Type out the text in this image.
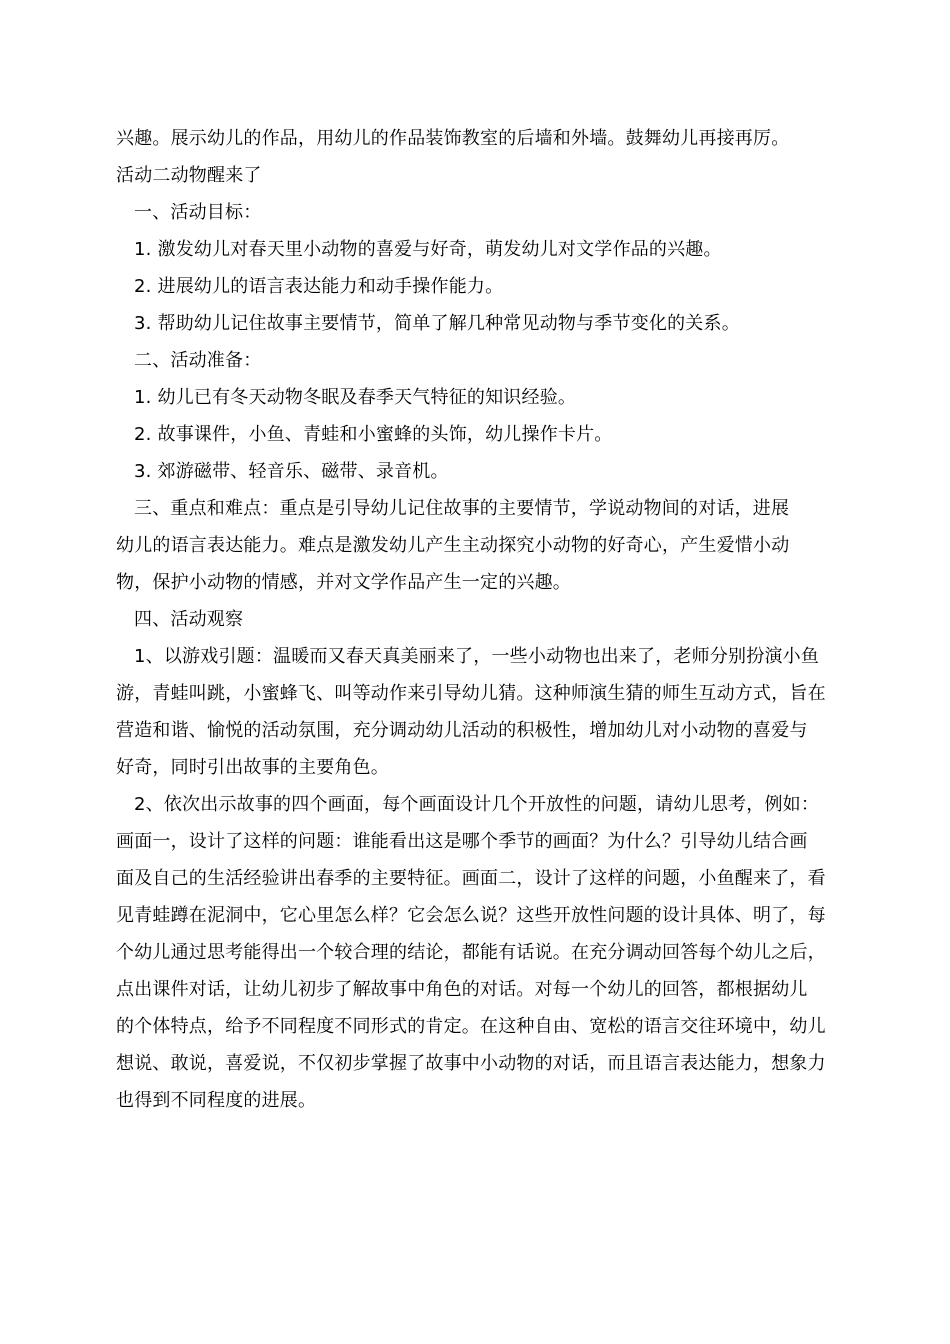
兴趣。展示幼儿的作品，用幼儿的作品装饰教室的后墙和外墙。鼓舞幼儿再接再厉。
活动二动物醒来了
一、活动目标：
1. 激发幼儿对春天里小动物的喜爱与好奇，萌发幼儿对文学作品的兴趣。
2. 进展幼儿的语言表达能力和动手操作能力。
3. 帮助幼儿记住故事主要情节，简单了解几种常见动物与季节变化的关系。
二、活动准备：
1. 幼儿已有冬天动物冬眠及春季天气特征的知识经验。
2. 故事课件，小鱼、青蛙和小蜜蜂的头饰，幼儿操作卡片。
3. 郊游磁带、轻音乐、磁带、录音机。
三、重点和难点：重点是引导幼儿记住故事的主要情节，学说动物间的对话，进展
幼儿的语言表达能力。难点是激发幼儿产生主动探究小动物的好奇心，产生爱惜小动
物，保护小动物的情感，并对文学作品产生一定的兴趣。
四、活动观察
1、以游戏引题：温暖而又春天真美丽来了，一些小动物也出来了，老师分别扮演小鱼
游，青蛙叫跳，小蜜蜂飞、叫等动作来引导幼儿猜。这种师演生猜的师生互动方式，旨在
营造和谐、愉悦的活动氛围，充分调动幼儿活动的积极性，增加幼儿对小动物的喜爱与
好奇，同时引出故事的主要角色。
2、依次出示故事的四个画面，每个画面设计几个开放性的问题，请幼儿思考，例如：
画面一，设计了这样的问题：谁能看出这是哪个季节的画面？为什么？引导幼儿结合画
面及自己的生活经验讲出春季的主要特征。画面二，设计了这样的问题，小鱼醒来了，看
见青蛙蹲在泥洞中，它心里怎么样？它会怎么说？这些开放性问题的设计具体、明了，每
个幼儿通过思考能得出一个较合理的结论，都能有话说。在充分调动回答每个幼儿之后，
点出课件对话，让幼儿初步了解故事中角色的对话。对每一个幼儿的回答，都根据幼儿
的个体特点，给予不同程度不同形式的肯定。在这种自由、宽松的语言交往环境中，幼儿
想说、敢说，喜爱说，不仅初步掌握了故事中小动物的对话，而且语言表达能力，想象力
也得到不同程度的进展。
